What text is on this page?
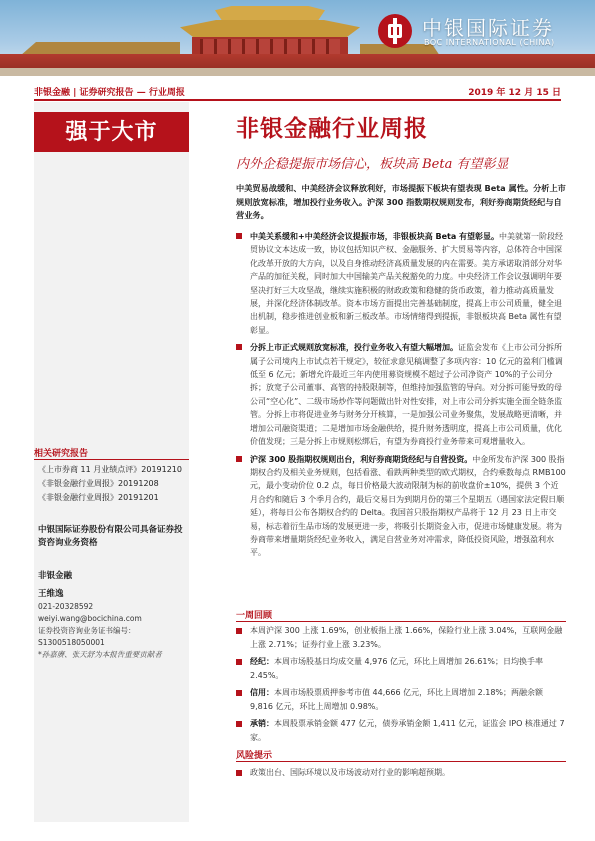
中银国际证券
BOC INTERNATIONAL (CHINA)
非银金融 | 证券研究报告 — 行业周报	2019 年 12 月 15 日
强于大市
相关研究报告
《上市券商 11 月业绩点评》20191210
《非银金融行业周报》20191208
《非银金融行业周报》20191201
中银国际证券股份有限公司具备证券投资咨询业务资格
非银金融
王维逸
021-20328592
weiyi.wang@bocichina.com
证券投资咨询业务证书编号：S1300518050001
*孙嘉赓、张天舒为本报告重要贡献者
非银金融行业周报
内外企稳提振市场信心，板块高 Beta 有望彰显
中美贸易战缓和、中美经济会议释放利好，市场提振下板块有望表现 Beta 属性。分析上市规则放宽标准，增加投行业务收入。沪深 300 指数期权规则发布，利好券商期货经纪与自营业务。
中美关系缓和+中美经济会议提振市场，非银板块高 Beta 有望彰显。中美就第一阶段经贸协议文本达成一致，协议包括知识产权、金融服务、扩大贸易等内容，总体符合中国深化改革开放的大方向，以及自身推动经济高质量发展的内在需要。美方承诺取消部分对华产品的加征关税，同时加大中国输美产品关税豁免的力度。中央经济工作会议强调明年要坚决打好三大攻坚战，继续实施积极的财政政策和稳健的货币政策，着力推动高质量发展，并深化经济体制改革。资本市场方面提出完善基础制度，提高上市公司质量，健全退出机制，稳步推进创业板和新三板改革。市场情绪得到提振，非银板块高 Beta 属性有望彰显。
分拆上市正式规则放宽标准，投行业务收入有望大幅增加。证监会发布《上市公司分拆所属子公司境内上市试点若干规定》，较征求意见稿调整了多项内容：10 亿元的盈利门槛调低至 6 亿元；新增允许最近三年内使用募资规模不超过子公司净资产 10%的子公司分拆；放宽子公司董事、高管的持股限制等，但维持加强监管的导向。对分拆可能导致的母公司“空心化”、二级市场炒作等问题做出针对性安排，对上市公司分拆实施全面全链条监管。分拆上市将促进业务与财务分开核算，一是加强公司业务聚焦，发展战略更清晰，并增加公司融资渠道；二是增加市场金融供给，提升财务透明度，提高上市公司质量，优化价值发现；三是分拆上市规则松绑后，有望为券商投行业务带来可观增量收入。
沪深 300 股指期权规则出台，利好券商期货经纪与自营投资。中金所发布沪深 300 股指期权合约及相关业务规则，包括看涨、看跌两种类型的欧式期权，合约乘数每点 RMB100 元，最小变动价位 0.2 点，每日价格最大波动限制为标的前收盘价±10%，提供 3 个近月合约和随后 3 个季月合约，最后交易日为到期月份的第三个星期五（遇国家法定假日顺延），将每日公布各期权合约的 Delta。我国首只股指期权产品将于 12 月 23 日上市交易，标志着衍生品市场的发展更进一步，将吸引长期资金入市，促进市场健康发展。将为券商带来增量期货经纪业务收入，满足自营业务对冲需求，降低投资风险，增强盈利水平。
一周回顾
本周沪深 300 上涨 1.69%，创业板指上涨 1.66%，保险行业上涨 3.04%，互联网金融上涨 2.71%；证券行业上涨 3.23%。
经纪：本周市场股基日均成交量 4,976 亿元，环比上周增加 26.61%；日均换手率 2.45%。
信用：本周市场股票质押参考市值 44,666 亿元，环比上周增加 2.18%；两融余额 9,816 亿元，环比上周增加 0.98%。
承销：本周股票承销金额 477 亿元，债券承销金额 1,411 亿元，证监会 IPO 核准通过 7 家。
风险提示
政策出台、国际环境以及市场波动对行业的影响超预期。
